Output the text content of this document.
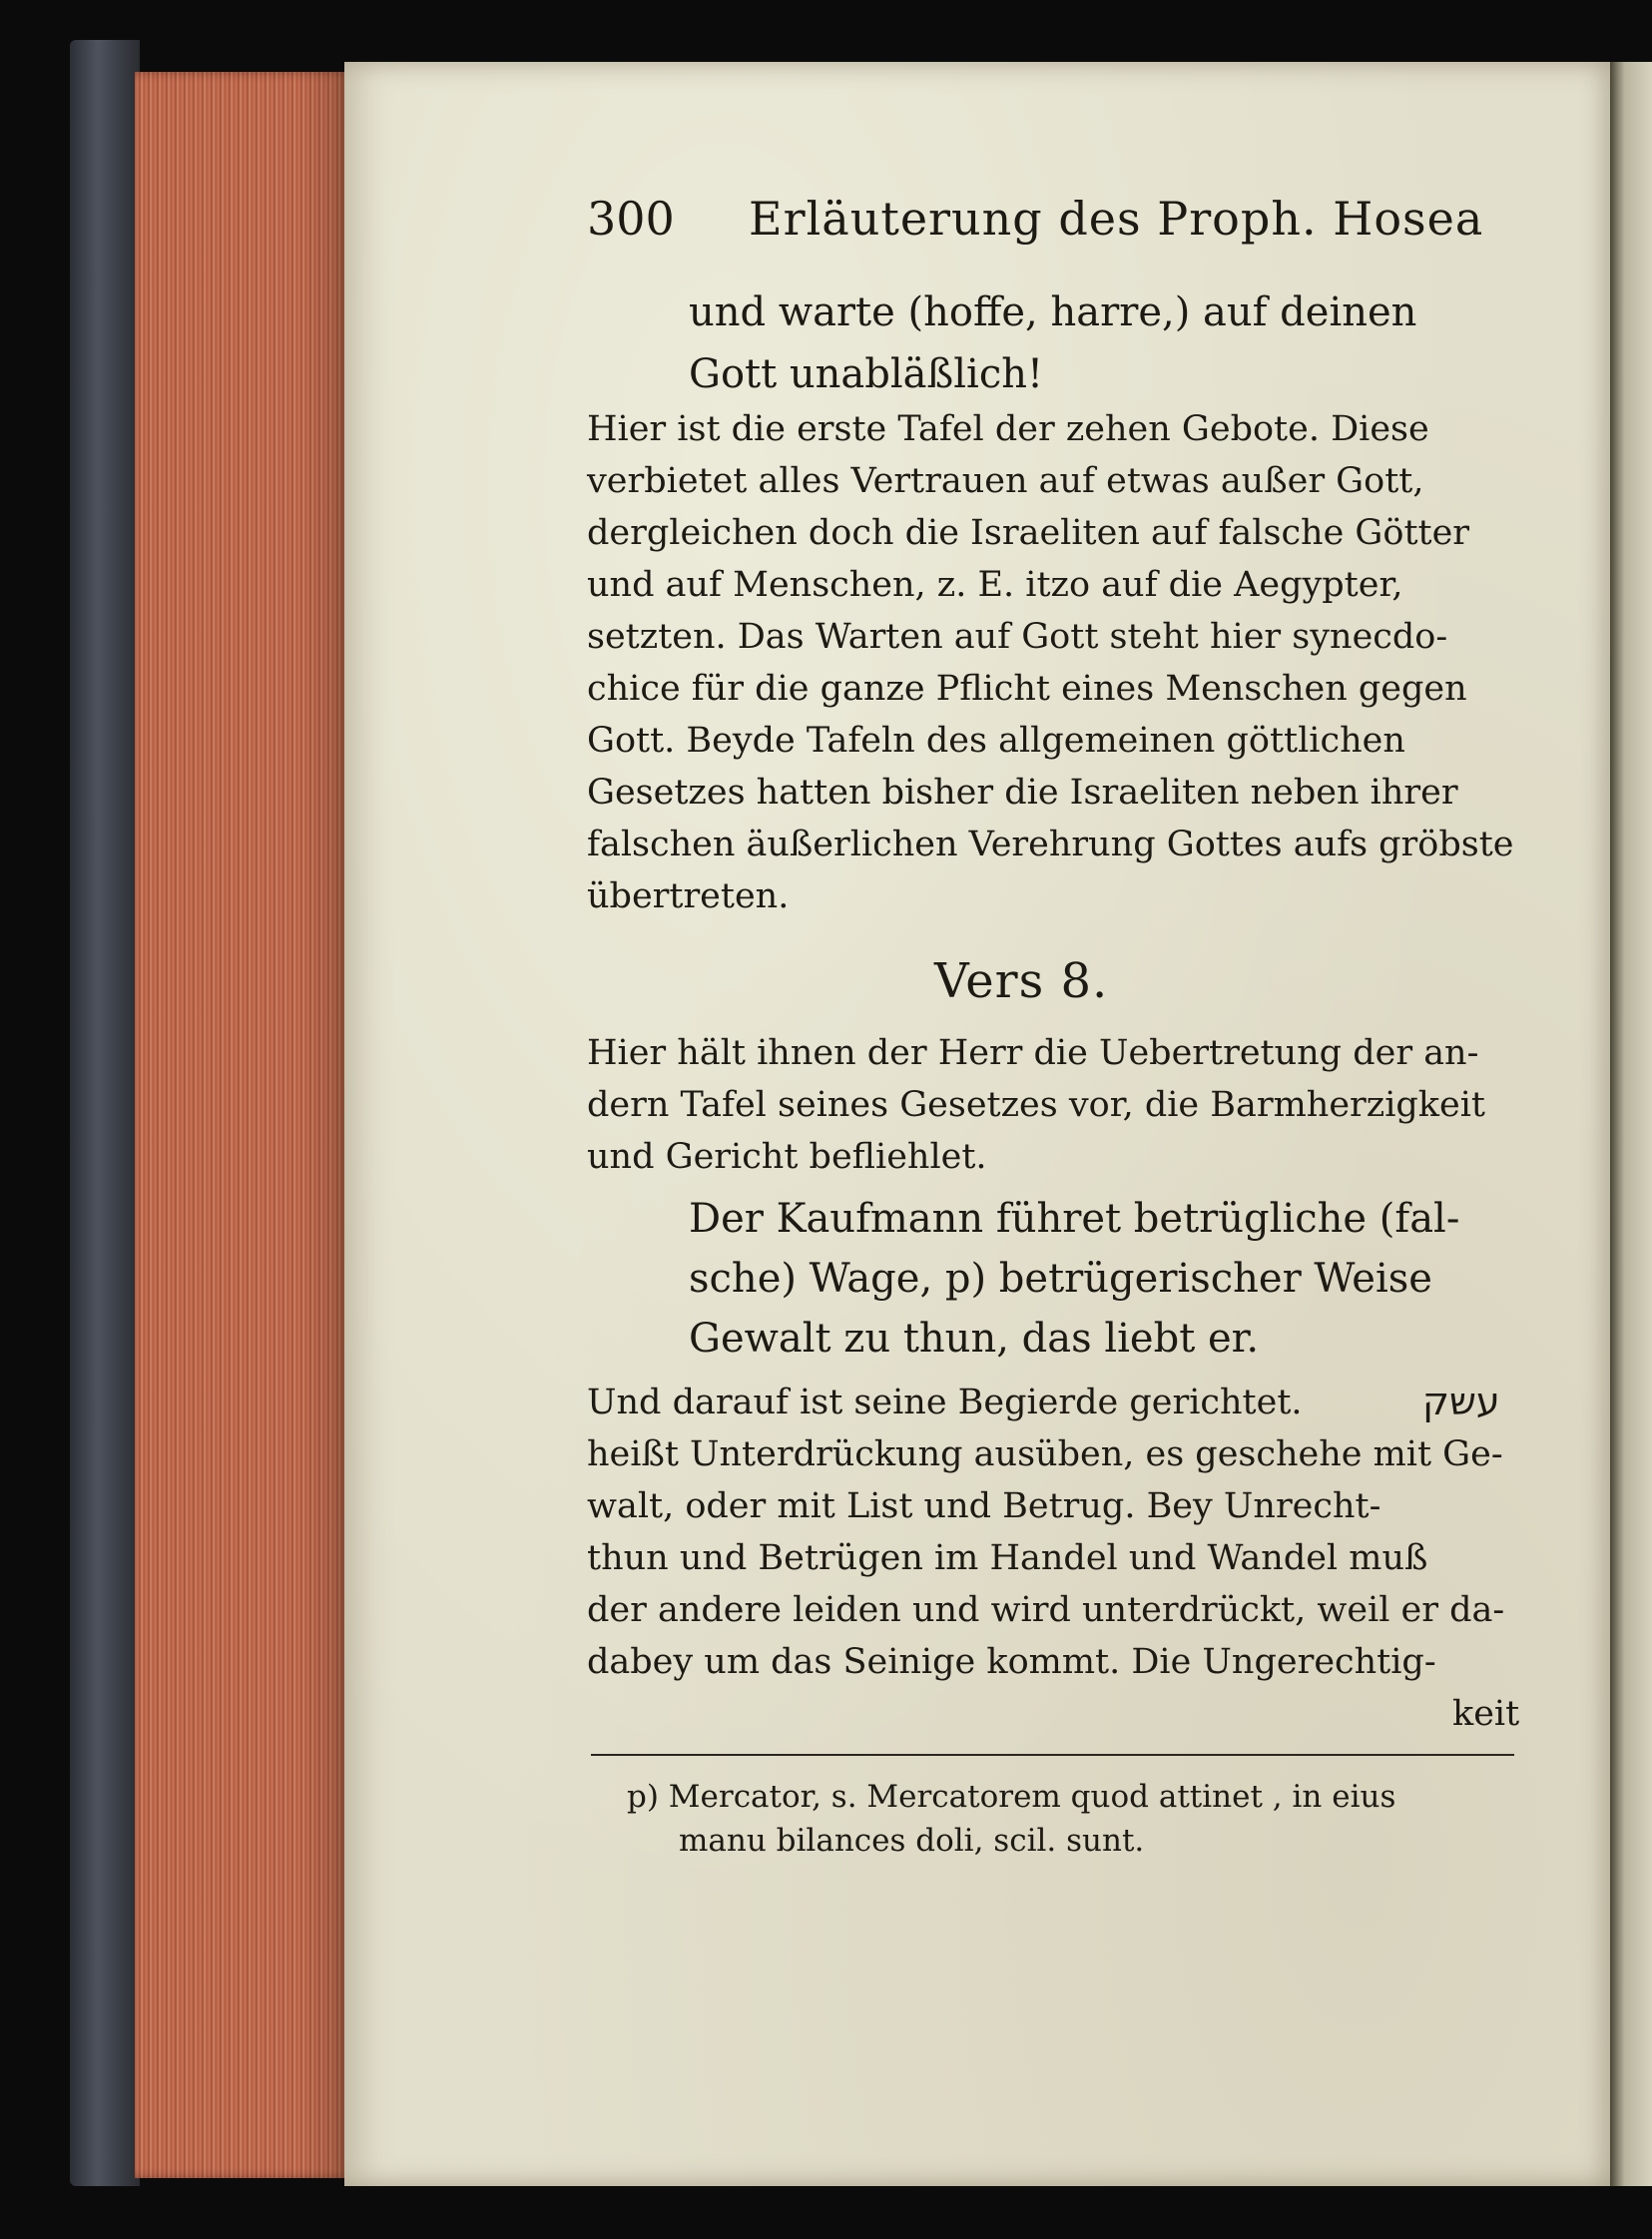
300 Erläuterung des Proph. Hosea
und warte (hoffe, harre,) auf deinen
Gott unabläßlich!
Hier ist die erste Tafel der zehen Gebote. Diese
verbietet alles Vertrauen auf etwas außer Gott,
dergleichen doch die Israeliten auf falsche Götter
und auf Menschen, z. E. itzo auf die Aegypter,
setzten. Das Warten auf Gott steht hier synecdo-
chice für die ganze Pflicht eines Menschen gegen
Gott. Beyde Tafeln des allgemeinen göttlichen
Gesetzes hatten bisher die Israeliten neben ihrer
falschen äußerlichen Verehrung Gottes aufs gröbste
übertreten.
Vers 8.
Hier hält ihnen der Herr die Uebertretung der an-
dern Tafel seines Gesetzes vor, die Barmherzigkeit
und Gericht befliehlet.
Der Kaufmann führet betrügliche (fal-
sche) Wage, p) betrügerischer Weise
Gewalt zu thun, das liebt er.
Und darauf ist seine Begierde gerichtet.	עשק
heißt Unterdrückung ausüben, es geschehe mit Ge-
walt, oder mit List und Betrug. Bey Unrecht-
thun und Betrügen im Handel und Wandel muß
der andere leiden und wird unterdrückt, weil er da-
dabey um das Seinige kommt. Die Ungerechtig-
keit
p) Mercator, s. Mercatorem quod attinet , in eius
manu bilances doli, scil. sunt.
